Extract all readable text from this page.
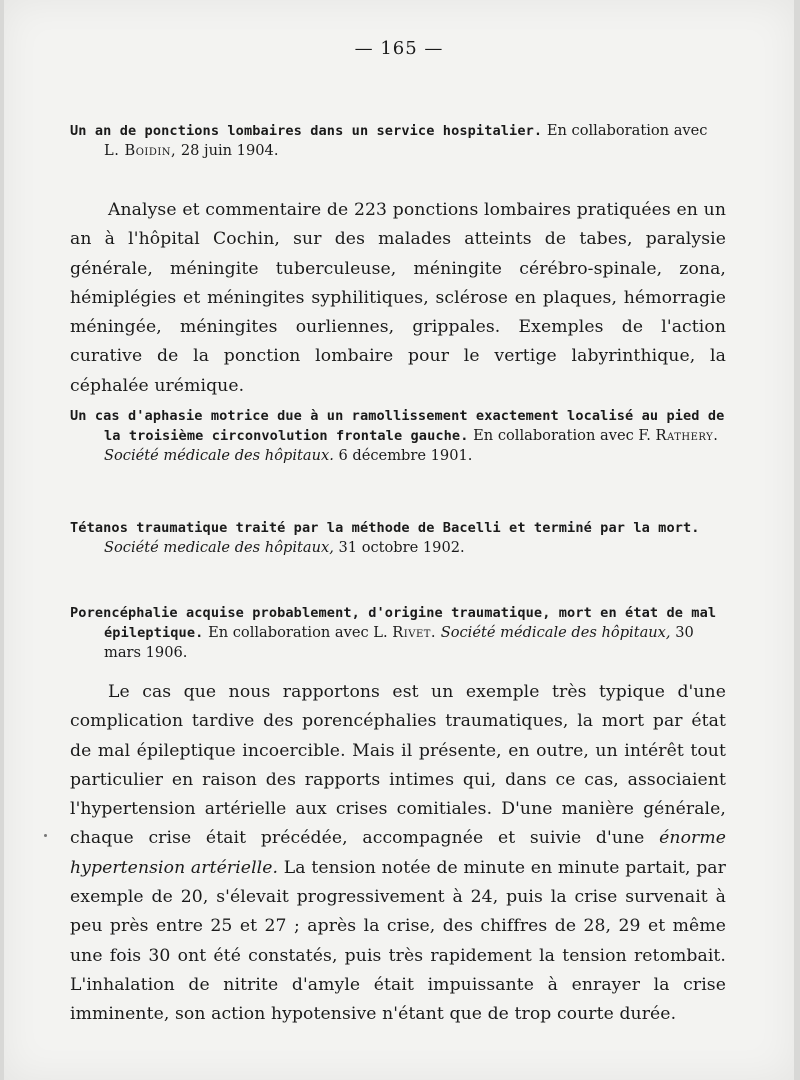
— 165 —
Un an de ponctions lombaires dans un service hospitalier. En collaboration avec
L. Boidin, 28 juin 1904.
Analyse et commentaire de 223 ponctions lombaires pratiquées en un an à l'hôpital Cochin, sur des malades atteints de tabes, paralysie générale, méningite tuberculeuse, méningite cérébro-spinale, zona, hémiplégies et méningites syphilitiques, sclérose en plaques, hémorragie méningée, méningites ourliennes, grippales. Exemples de l'action curative de la ponction lombaire pour le vertige labyrinthique, la céphalée urémique.
Un cas d'aphasie motrice due à un ramollissement exactement localisé au pied de
la troisième circonvolution frontale gauche. En collaboration avec F. Rathery.
Société médicale des hôpitaux. 6 décembre 1901.
Tétanos traumatique traité par la méthode de Bacelli et terminé par la mort.
Société medicale des hôpitaux, 31 octobre 1902.
Porencéphalie acquise probablement, d'origine traumatique, mort en état de mal
épileptique. En collaboration avec L. Rivet. Société médicale des hôpitaux, 30 mars 1906.
Le cas que nous rapportons est un exemple très typique d'une complication tardive des porencéphalies traumatiques, la mort par état de mal épileptique incoercible. Mais il présente, en outre, un intérêt tout particulier en raison des rapports intimes qui, dans ce cas, associaient l'hypertension artérielle aux crises comitiales. D'une manière générale, chaque crise était précédée, accompagnée et suivie d'une énorme hypertension artérielle. La tension notée de minute en minute partait, par exemple de 20, s'élevait progressivement à 24, puis la crise survenait à peu près entre 25 et 27 ; après la crise, des chiffres de 28, 29 et même une fois 30 ont été constatés, puis très rapidement la tension retombait. L'inhalation de nitrite d'amyle était impuissante à enrayer la crise imminente, son action hypotensive n'étant que de trop courte durée.
